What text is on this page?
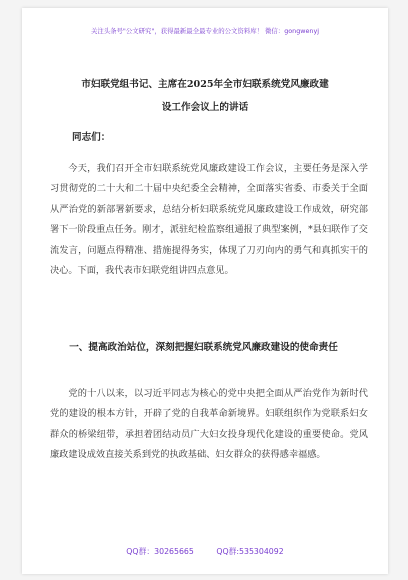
关注头条号"公文研究"，获得最新最全最专业的公文资料库！ 微信：gongwenyj
市妇联党组书记、主席在2025年全市妇联系统党风廉政建
设工作会议上的讲话
同志们：
今天，我们召开全市妇联系统党风廉政建设工作会议，主要任务是深入学习贯彻党的二十大和二十届中央纪委全会精神，全面落实省委、市委关于全面从严治党的新部署新要求，总结分析妇联系统党风廉政建设工作成效，研究部署下一阶段重点任务。刚才，派驻纪检监察组通报了典型案例，*县妇联作了交流发言，问题点得精准、措施提得务实，体现了刀刃向内的勇气和真抓实干的决心。下面，我代表市妇联党组讲四点意见。
一、提高政治站位，深刻把握妇联系统党风廉政建设的使命责任
党的十八以来，以习近平同志为核心的党中央把全面从严治党作为新时代党的建设的根本方针，开辟了党的自我革命新境界。妇联组织作为党联系妇女群众的桥梁纽带，承担着团结动员广大妇女投身现代化建设的重要使命。党风廉政建设成效直接关系到党的执政基础、妇女群众的获得感幸福感。
QQ群：30265665	QQ群:535304092
